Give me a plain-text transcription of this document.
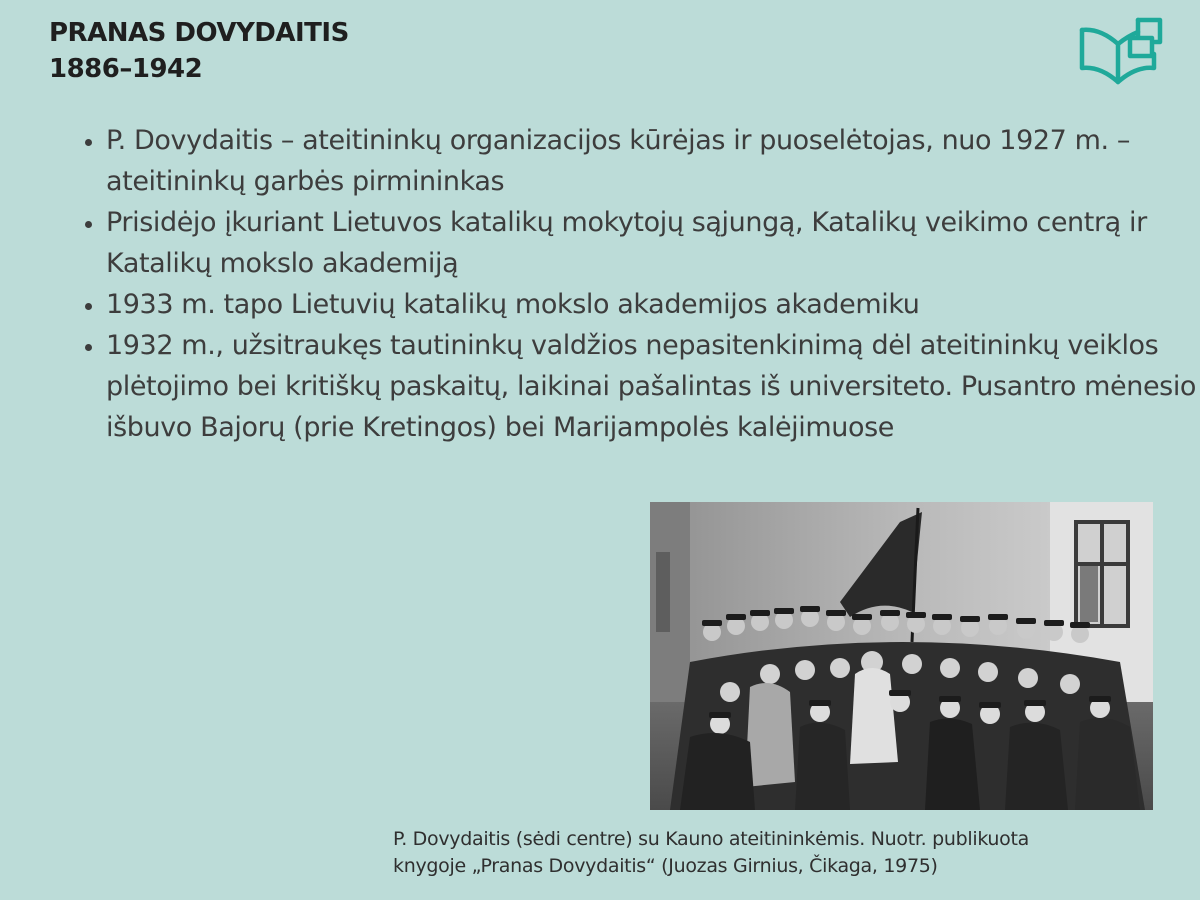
PRANAS DOVYDAITIS
1886–1942
• P. Dovydaitis – ateitininkų organizacijos kūrėjas ir puoselėtojas, nuo 1927 m. – ateitininkų garbės pirmininkas
• Prisidėjo įkuriant Lietuvos katalikų mokytojų sąjungą, Katalikų veikimo centrą ir Katalikų mokslo akademiją
• 1933 m. tapo Lietuvių katalikų mokslo akademijos akademiku
• 1932 m., užsitraukęs tautininkų valdžios nepasitenkinimą dėl ateitininkų veiklos plėtojimo bei kritiškų paskaitų, laikinai pašalintas iš universiteto. Pusantro mėnesio išbuvo Bajorų (prie Kretingos) bei Marijampolės kalėjimuose
P. Dovydaitis (sėdi centre) su Kauno ateitininkėmis. Nuotr. publikuota
knygoje „Pranas Dovydaitis“ (Juozas Girnius, Čikaga, 1975)
